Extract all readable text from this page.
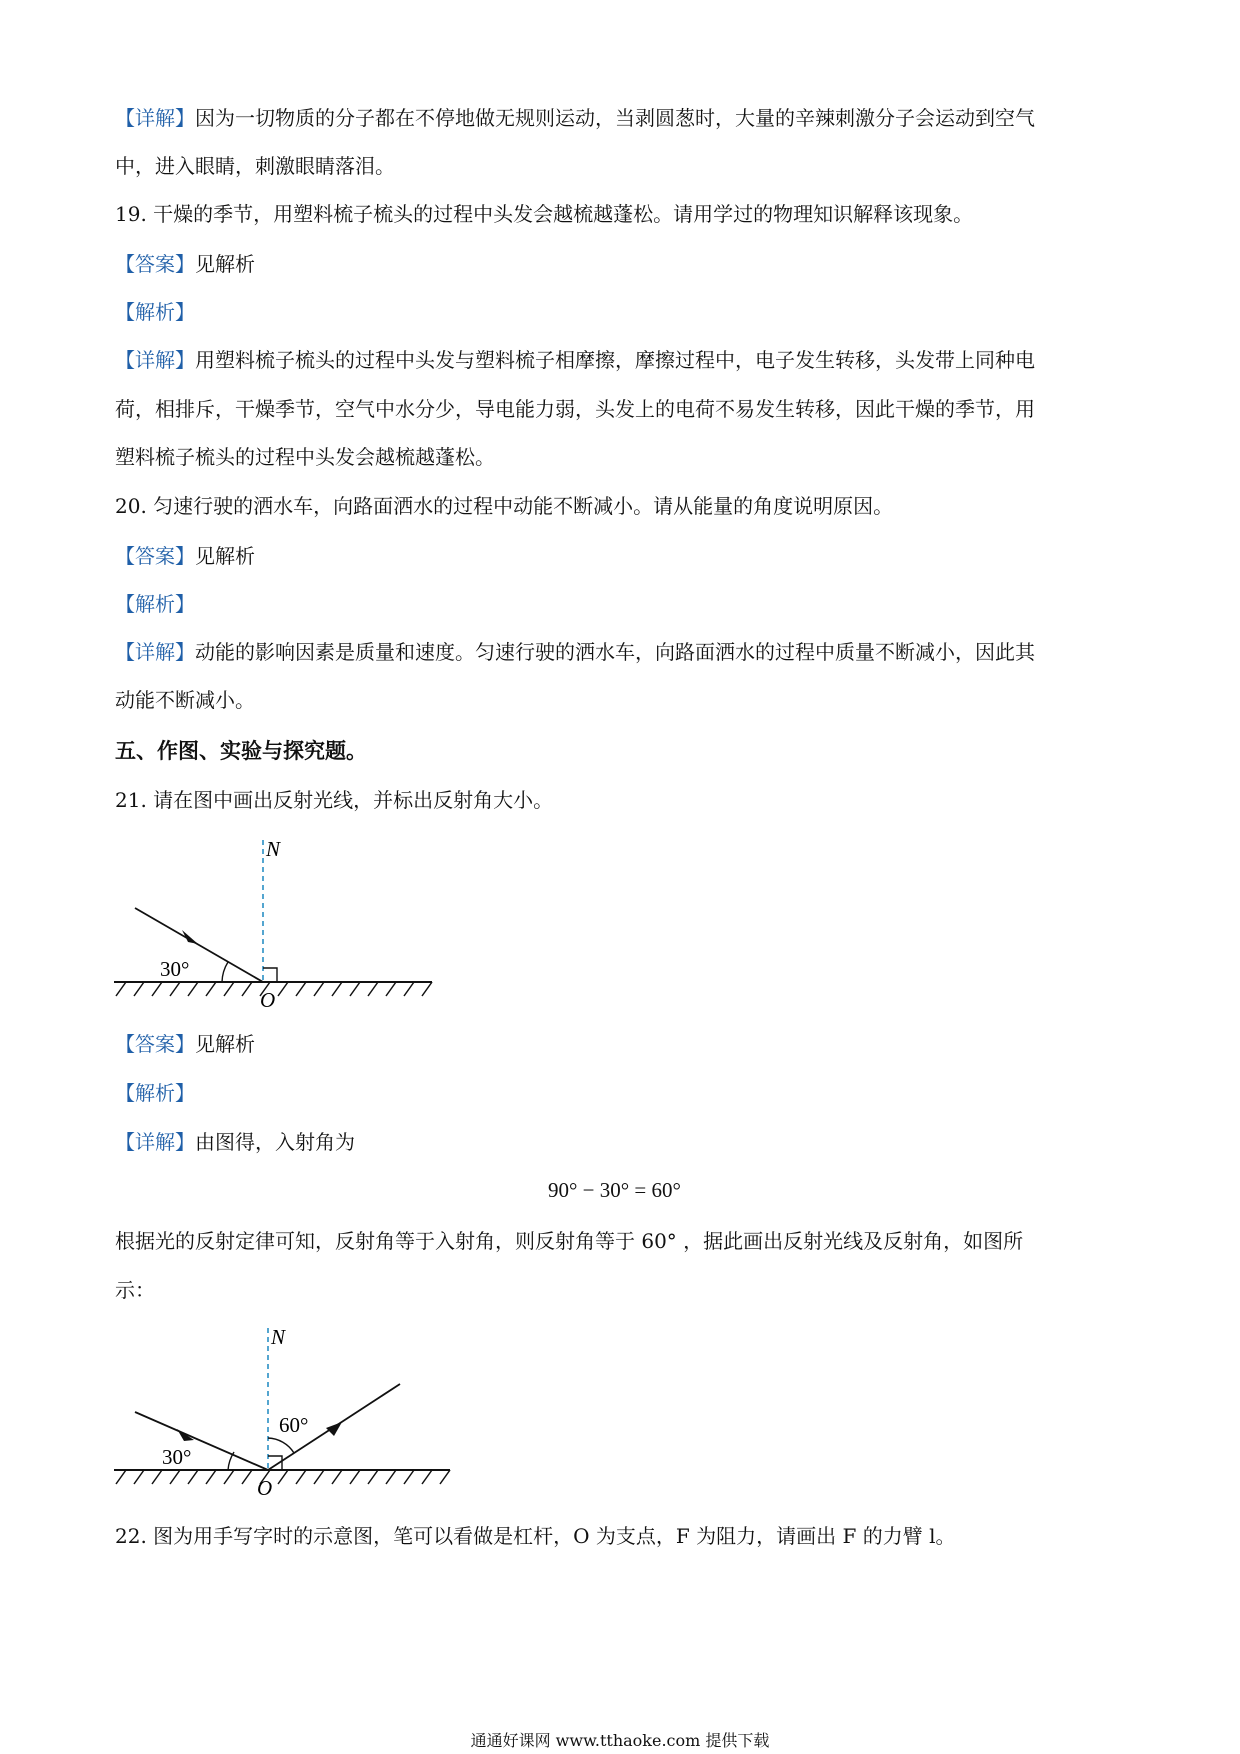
【详解】因为一切物质的分子都在不停地做无规则运动，当剥圆葱时，大量的辛辣刺激分子会运动到空气
中，进入眼睛，刺激眼睛落泪。
19. 干燥的季节，用塑料梳子梳头的过程中头发会越梳越蓬松。请用学过的物理知识解释该现象。
【答案】见解析
【解析】
【详解】用塑料梳子梳头的过程中头发与塑料梳子相摩擦，摩擦过程中，电子发生转移，头发带上同种电
荷，相排斥，干燥季节，空气中水分少，导电能力弱，头发上的电荷不易发生转移，因此干燥的季节，用
塑料梳子梳头的过程中头发会越梳越蓬松。
20. 匀速行驶的洒水车，向路面洒水的过程中动能不断减小。请从能量的角度说明原因。
【答案】见解析
【解析】
【详解】动能的影响因素是质量和速度。匀速行驶的洒水车，向路面洒水的过程中质量不断减小，因此其
动能不断减小。
五、作图、实验与探究题。
21. 请在图中画出反射光线，并标出反射角大小。
30°
O
N
【答案】见解析
【解析】
【详解】由图得，入射角为
90° − 30° = 60°
根据光的反射定律可知，反射角等于入射角，则反射角等于 60° ，据此画出反射光线及反射角，如图所
示：
30°
60°
O
N
22. 图为用手写字时的示意图，笔可以看做是杠杆，O 为支点，F 为阻力，请画出 F 的力臂 l。
通通好课网 www.tthaoke.com 提供下载
